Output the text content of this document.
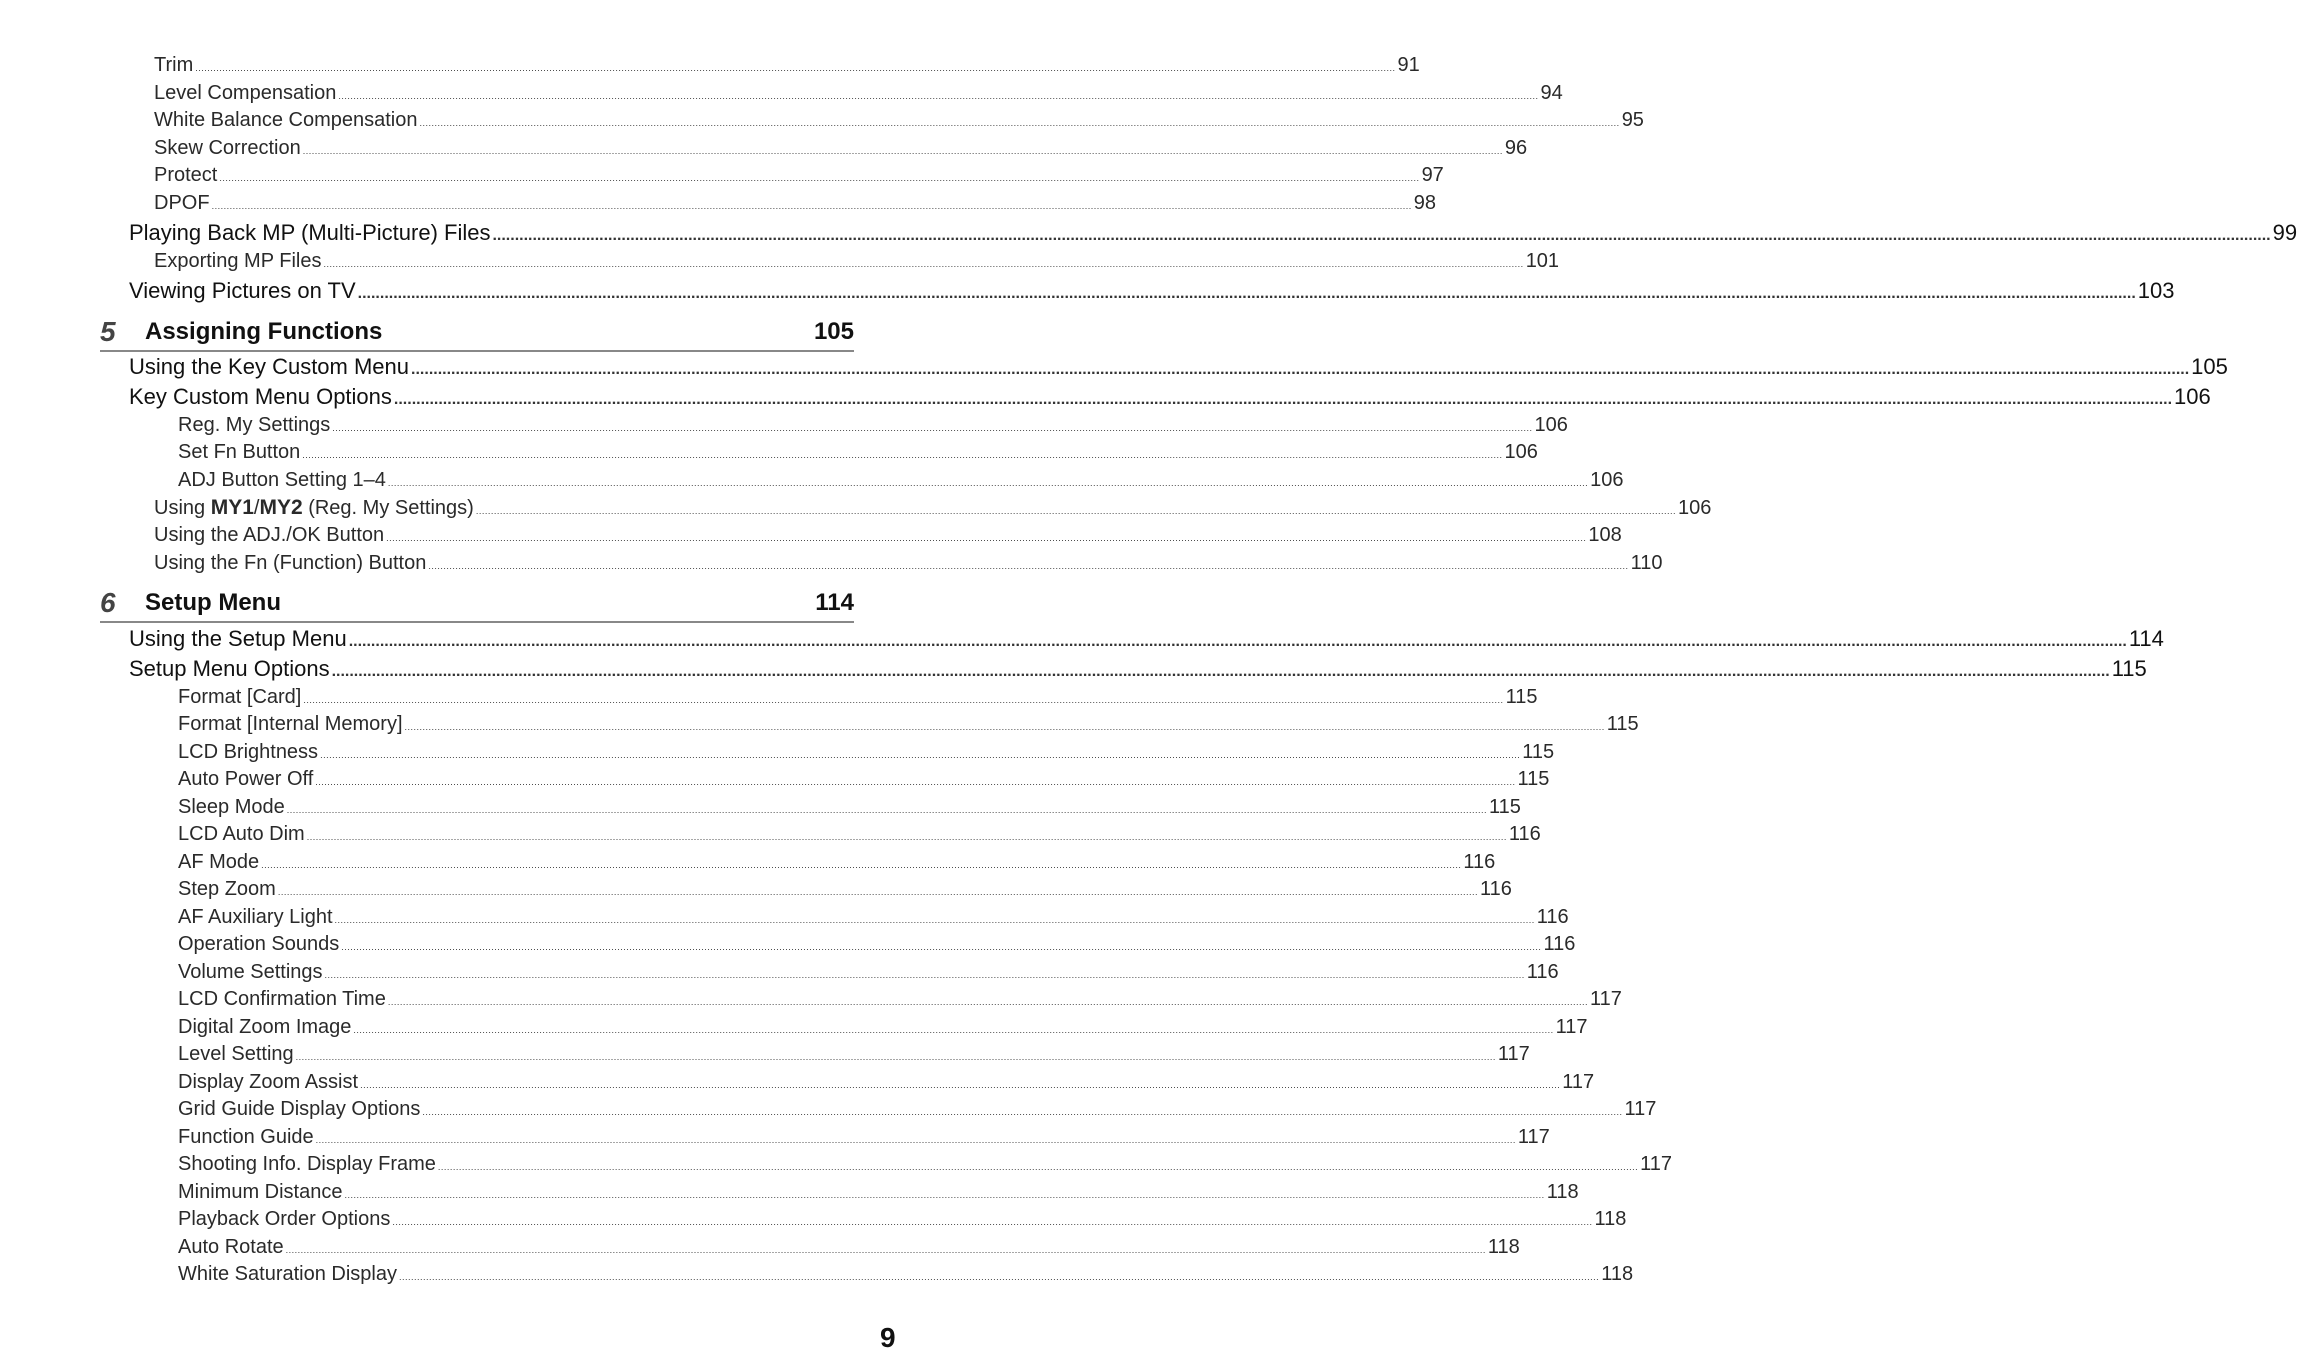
Trim ................................................................................................................................................................................................................................................................................................................................................................................................................ 91
Level Compensation ................................................................................................................................................................................................................................................................................................................................................................................................................ 94
White Balance Compensation ................................................................................................................................................................................................................................................................................................................................................................................................................ 95
Skew Correction ................................................................................................................................................................................................................................................................................................................................................................................................................ 96
Protect ................................................................................................................................................................................................................................................................................................................................................................................................................ 97
DPOF ................................................................................................................................................................................................................................................................................................................................................................................................................ 98
Playing Back MP (Multi-Picture) Files ................................................................................................................................................................................................................................................................................................................................................................................................................ 99
Exporting MP Files ................................................................................................................................................................................................................................................................................................................................................................................................................ 101
Viewing Pictures on TV ................................................................................................................................................................................................................................................................................................................................................................................................................ 103
5 Assigning Functions	105
Using the Key Custom Menu ................................................................................................................................................................................................................................................................................................................................................................................................................ 105
Key Custom Menu Options ................................................................................................................................................................................................................................................................................................................................................................................................................ 106
Reg. My Settings ................................................................................................................................................................................................................................................................................................................................................................................................................ 106
Set Fn Button ................................................................................................................................................................................................................................................................................................................................................................................................................ 106
ADJ Button Setting 1–4 ................................................................................................................................................................................................................................................................................................................................................................................................................ 106
Using MY1/MY2 (Reg. My Settings) ................................................................................................................................................................................................................................................................................................................................................................................................................ 106
Using the ADJ./OK Button ................................................................................................................................................................................................................................................................................................................................................................................................................ 108
Using the Fn (Function) Button ................................................................................................................................................................................................................................................................................................................................................................................................................ 110
6 Setup Menu	114
Using the Setup Menu ................................................................................................................................................................................................................................................................................................................................................................................................................ 114
Setup Menu Options ................................................................................................................................................................................................................................................................................................................................................................................................................ 115
Format [Card] ................................................................................................................................................................................................................................................................................................................................................................................................................ 115
Format [Internal Memory] ................................................................................................................................................................................................................................................................................................................................................................................................................ 115
LCD Brightness ................................................................................................................................................................................................................................................................................................................................................................................................................ 115
Auto Power Off ................................................................................................................................................................................................................................................................................................................................................................................................................ 115
Sleep Mode ................................................................................................................................................................................................................................................................................................................................................................................................................ 115
LCD Auto Dim ................................................................................................................................................................................................................................................................................................................................................................................................................ 116
AF Mode ................................................................................................................................................................................................................................................................................................................................................................................................................ 116
Step Zoom ................................................................................................................................................................................................................................................................................................................................................................................................................ 116
AF Auxiliary Light ................................................................................................................................................................................................................................................................................................................................................................................................................ 116
Operation Sounds ................................................................................................................................................................................................................................................................................................................................................................................................................ 116
Volume Settings ................................................................................................................................................................................................................................................................................................................................................................................................................ 116
LCD Confirmation Time ................................................................................................................................................................................................................................................................................................................................................................................................................ 117
Digital Zoom Image ................................................................................................................................................................................................................................................................................................................................................................................................................ 117
Level Setting ................................................................................................................................................................................................................................................................................................................................................................................................................ 117
Display Zoom Assist ................................................................................................................................................................................................................................................................................................................................................................................................................ 117
Grid Guide Display Options ................................................................................................................................................................................................................................................................................................................................................................................................................ 117
Function Guide ................................................................................................................................................................................................................................................................................................................................................................................................................ 117
Shooting Info. Display Frame ................................................................................................................................................................................................................................................................................................................................................................................................................ 117
Minimum Distance ................................................................................................................................................................................................................................................................................................................................................................................................................ 118
Playback Order Options ................................................................................................................................................................................................................................................................................................................................................................................................................ 118
Auto Rotate ................................................................................................................................................................................................................................................................................................................................................................................................................ 118
White Saturation Display ................................................................................................................................................................................................................................................................................................................................................................................................................ 118
9
